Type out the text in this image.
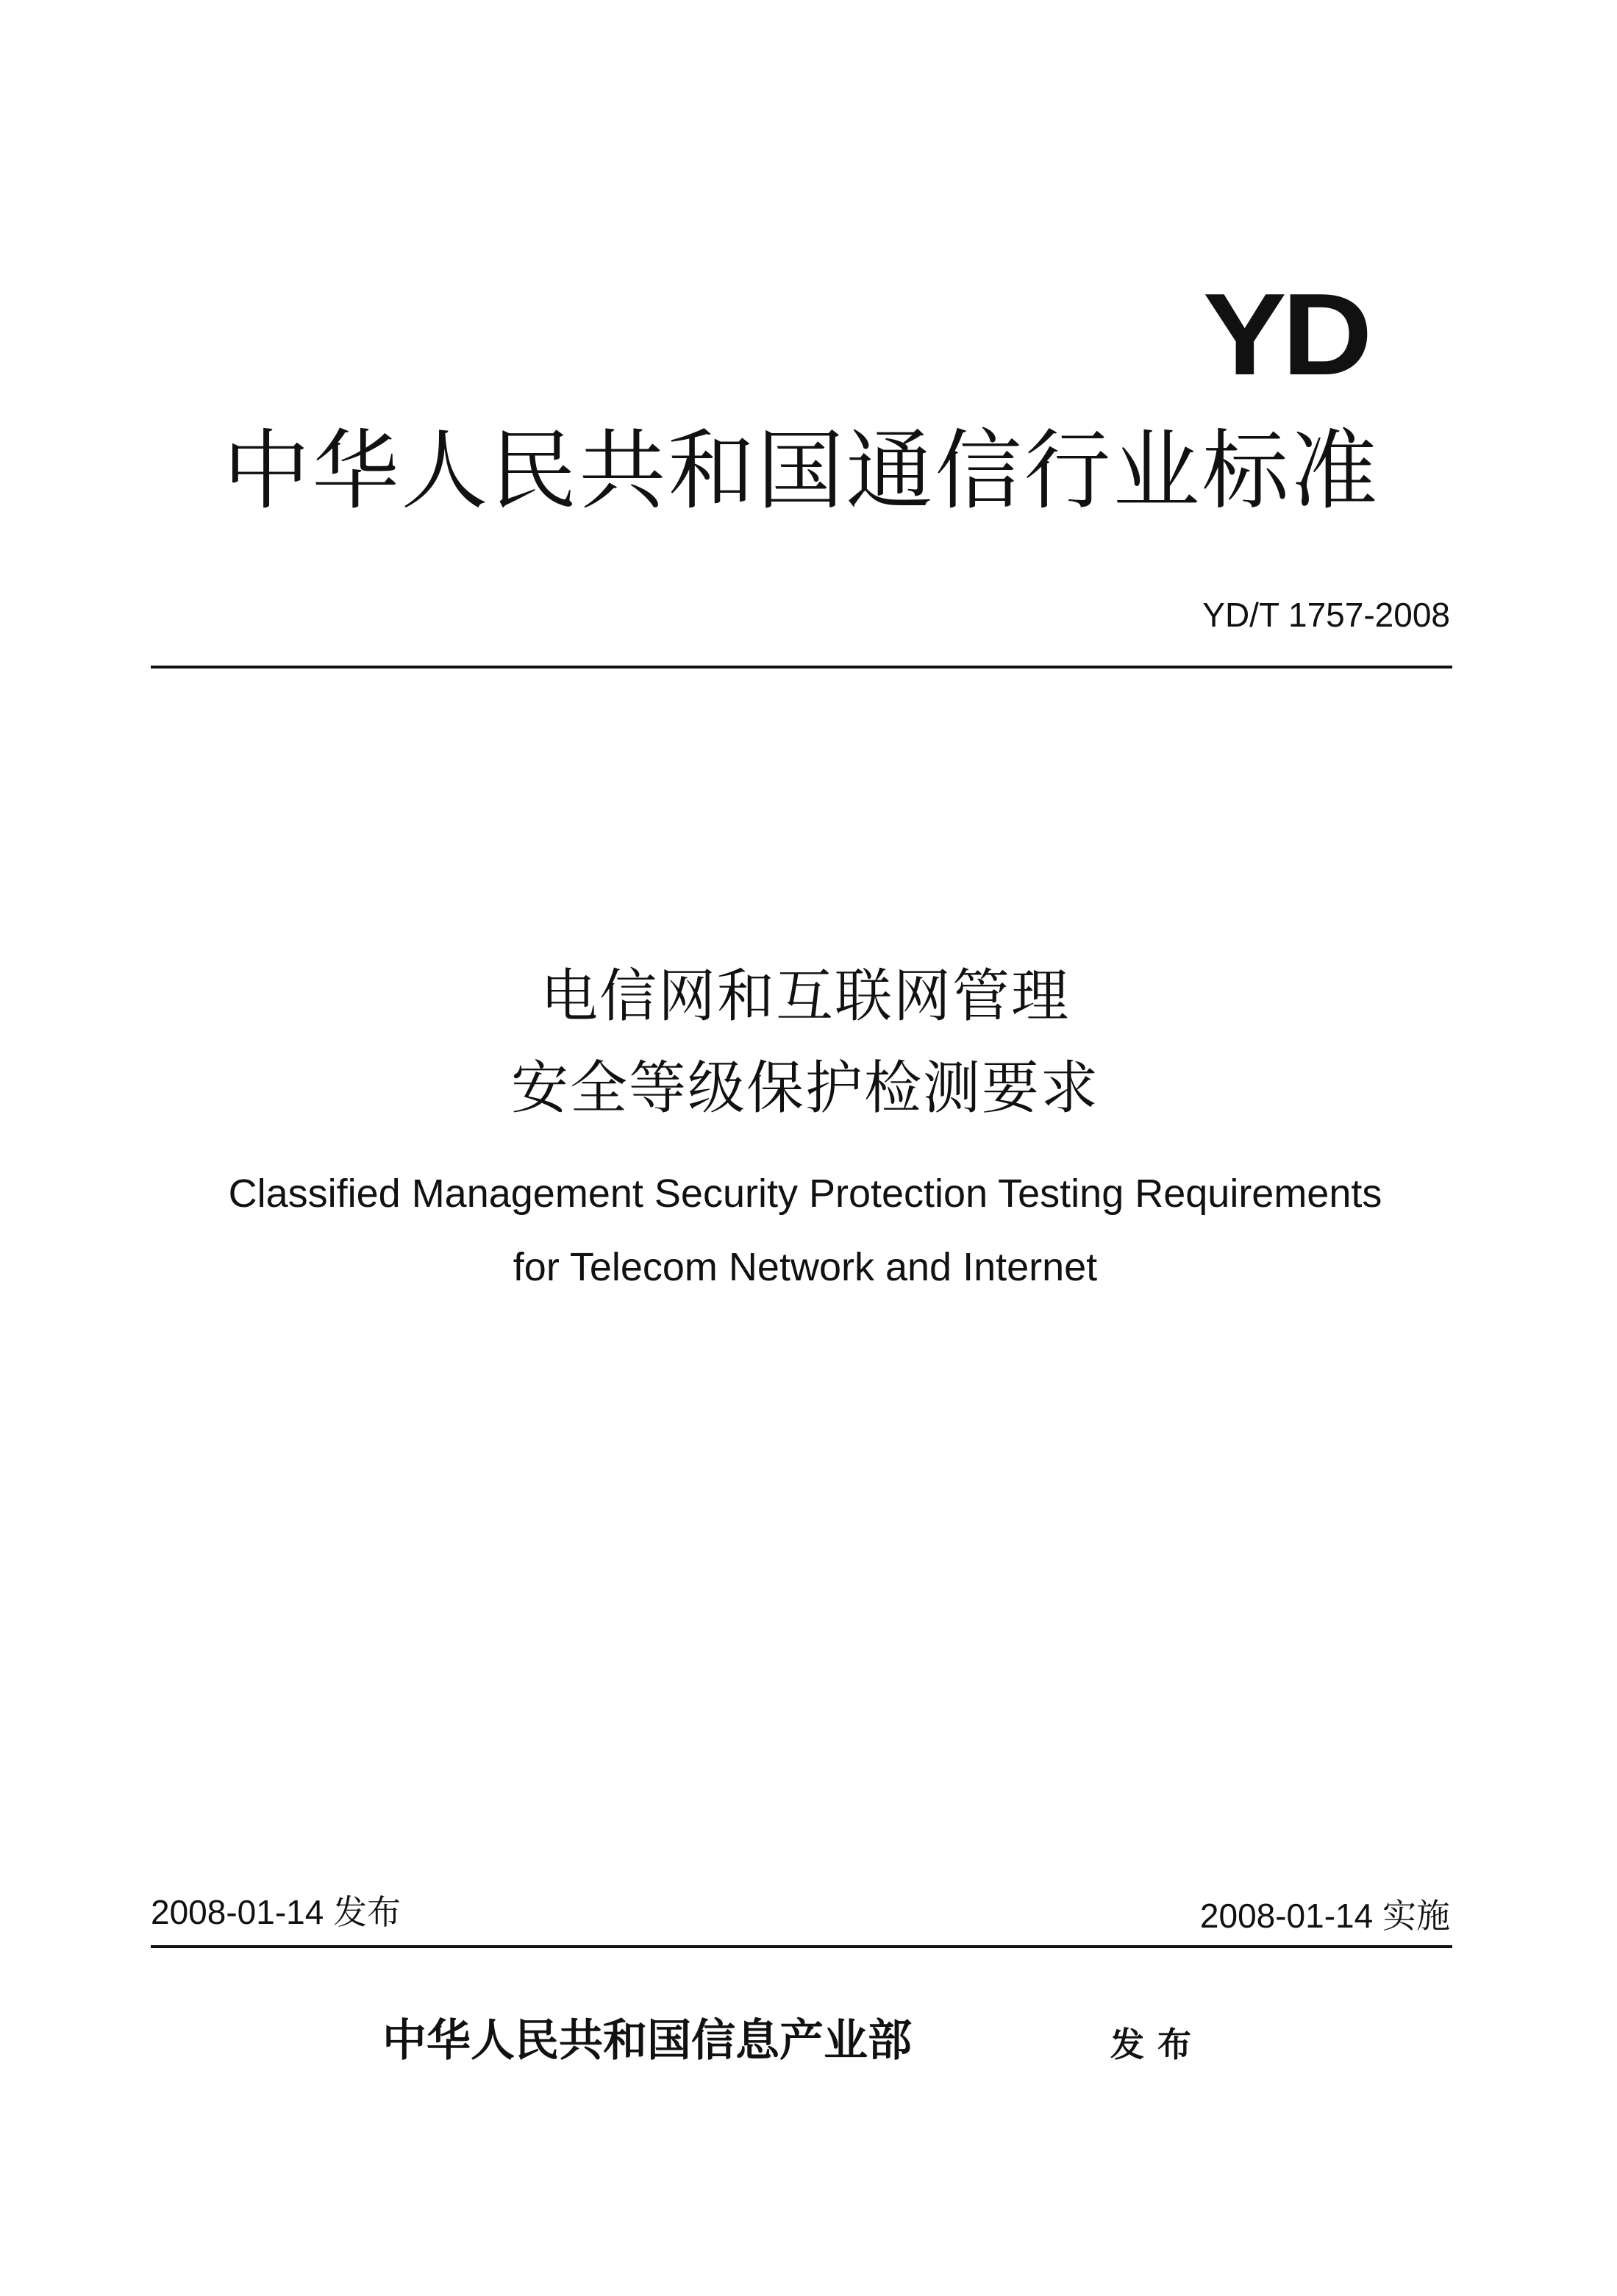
YD
中华人民共和国通信行业标准
YD/T 1757-2008
电信网和互联网管理
安全等级保护检测要求
Classified Management Security Protection Testing Requirements
for Telecom Network and Internet
2008-01-14 发布	2008-01-14 实施
中华人民共和国信息产业部	发布
